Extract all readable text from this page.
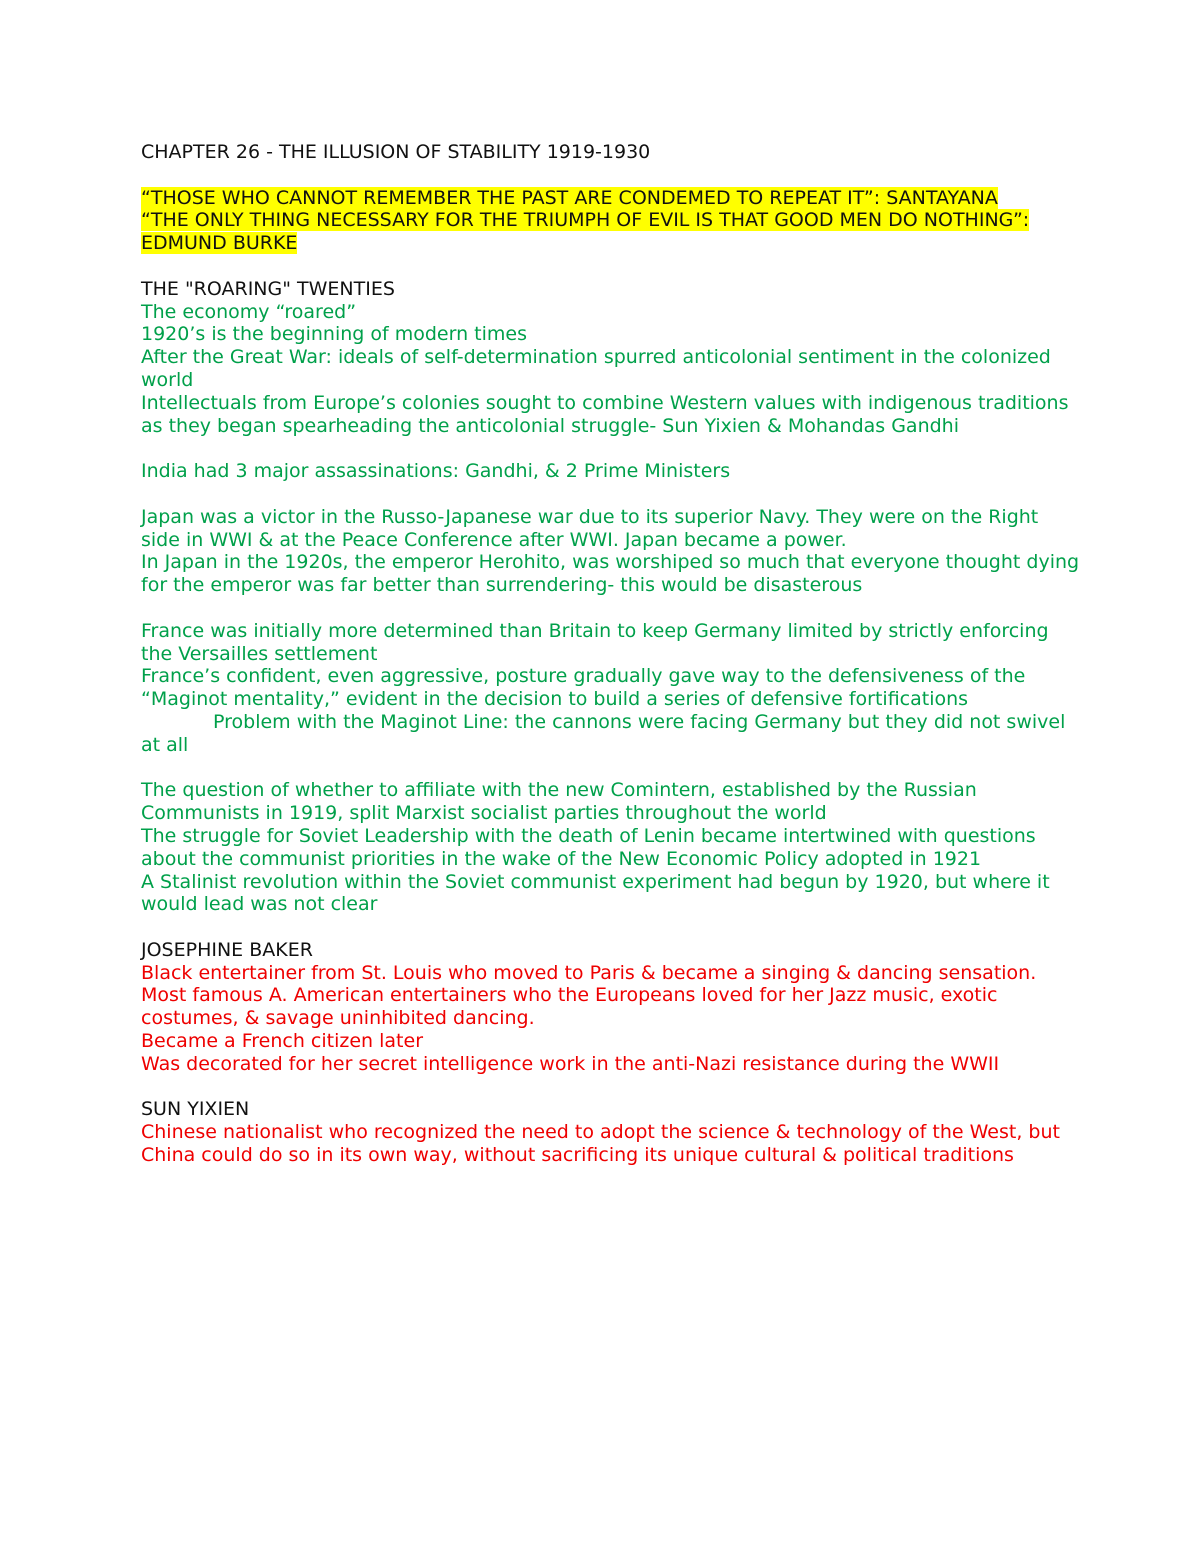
CHAPTER 26 - THE ILLUSION OF STABILITY 1919-1930

“THOSE WHO CANNOT REMEMBER THE PAST ARE CONDEMED TO REPEAT IT”: SANTAYANA

“THE ONLY THING NECESSARY FOR THE TRIUMPH OF EVIL IS THAT GOOD MEN DO NOTHING”: EDMUND BURKE

THE "ROARING" TWENTIES

The economy “roared”

1920’s is the beginning of modern times

After the Great War: ideals of self-determination spurred anticolonial sentiment in the colonized world

Intellectuals from Europe’s colonies sought to combine Western values with indigenous traditions as they began spearheading the anticolonial struggle- Sun Yixien & Mohandas Gandhi

India had 3 major assassinations: Gandhi, & 2 Prime Ministers

Japan was a victor in the Russo-Japanese war due to its superior Navy. They were on the Right side in WWI & at the Peace Conference after WWI. Japan became a power.

In Japan in the 1920s, the emperor Herohito, was worshiped so much that everyone thought dying for the emperor was far better than surrendering- this would be disasterous

France was initially more determined than Britain to keep Germany limited by strictly enforcing the Versailles settlement

France’s confident, even aggressive, posture gradually gave way to the defensiveness of the “Maginot mentality,” evident in the decision to build a series of defensive fortifications

Problem with the Maginot Line: the cannons were facing Germany but they did not swivel at all

The question of whether to affiliate with the new Comintern, established by the Russian Communists in 1919, split Marxist socialist parties throughout the world

The struggle for Soviet Leadership with the death of Lenin became intertwined with questions about the communist priorities in the wake of the New Economic Policy adopted in 1921

A Stalinist revolution within the Soviet communist experiment had begun by 1920, but where it would lead was not clear

JOSEPHINE BAKER

Black entertainer from St. Louis who moved to Paris & became a singing & dancing sensation.

Most famous A. American entertainers who the Europeans loved for her Jazz music, exotic costumes, & savage uninhibited dancing.

Became a French citizen later

Was decorated for her secret intelligence work in the anti-Nazi resistance during the WWII

SUN YIXIEN

Chinese nationalist who recognized the need to adopt the science & technology of the West, but China could do so in its own way, without sacrificing its unique cultural & political traditions
